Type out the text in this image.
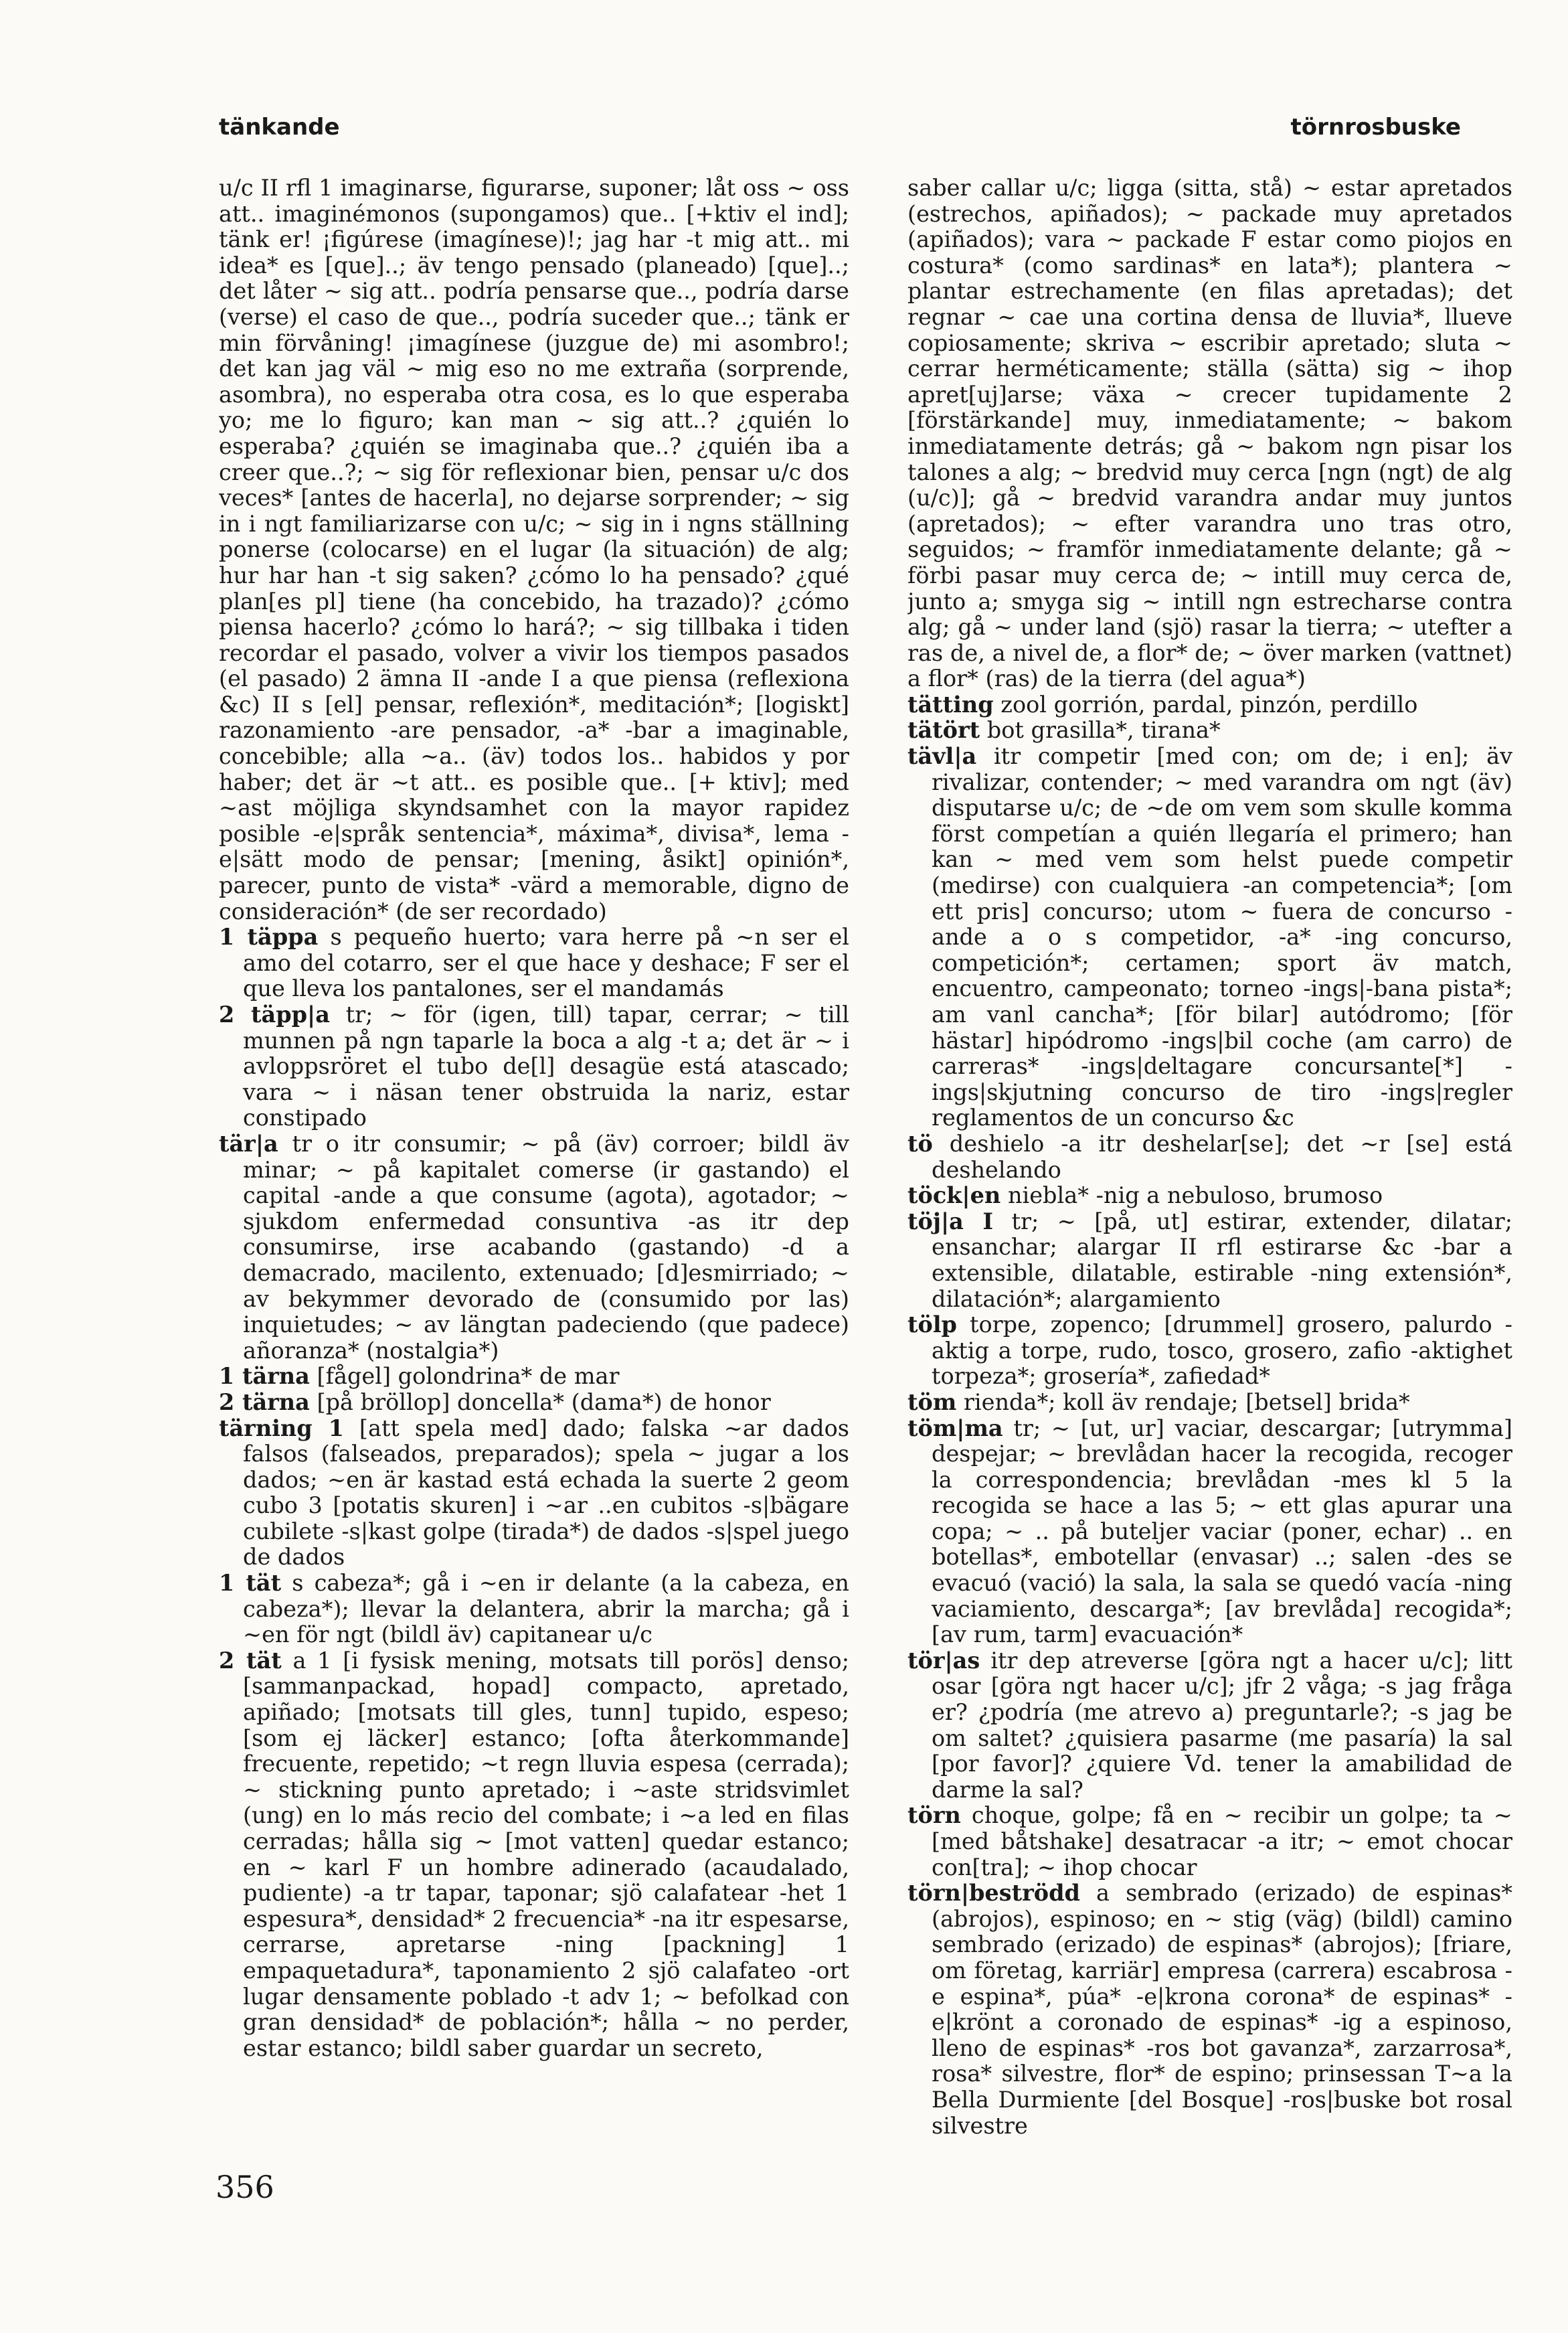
tänkande	törnrosbuske

u/c II rfl 1 imaginarse, figurarse, suponer; låt oss ~ oss att.. imaginémonos (supongamos) que.. [+ktiv el ind]; tänk er! ¡figúrese (imagínese)!; jag har -t mig att.. mi idea* es [que]..; äv tengo pensado (planeado) [que]..; det låter ~ sig att.. podría pensarse que.., podría darse (verse) el caso de que.., podría suceder que..; tänk er min förvåning! ¡imagínese (juzgue de) mi asombro!; det kan jag väl ~ mig eso no me extraña (sorprende, asombra), no esperaba otra cosa, es lo que esperaba yo; me lo figuro; kan man ~ sig att..? ¿quién lo esperaba? ¿quién se imaginaba que..? ¿quién iba a creer que..?; ~ sig för reflexionar bien, pensar u/c dos veces* [antes de hacerla], no dejarse sorprender; ~ sig in i ngt familiarizarse con u/c; ~ sig in i ngns ställning ponerse (colocarse) en el lugar (la situación) de alg; hur har han -t sig saken? ¿cómo lo ha pensado? ¿qué plan[es pl] tiene (ha concebido, ha trazado)? ¿cómo piensa hacerlo? ¿cómo lo hará?; ~ sig tillbaka i tiden recordar el pasado, volver a vivir los tiempos pasados (el pasado) 2 ämna II -ande I a que piensa (reflexiona &c) II s [el] pensar, reflexión*, meditación*; [logiskt] razonamiento -are pensador, -a* -bar a imaginable, concebible; alla ~a.. (äv) todos los.. habidos y por haber; det är ~t att.. es posible que.. [+ ktiv]; med ~ast möjliga skyndsamhet con la mayor rapidez posible -e|språk sentencia*, máxima*, divisa*, lema -e|sätt modo de pensar; [mening, åsikt] opinión*, parecer, punto de vista* -värd a memorable, digno de consideración* (de ser recordado)

1 täppa s pequeño huerto; vara herre på ~n ser el amo del cotarro, ser el que hace y deshace; F ser el que lleva los pantalones, ser el mandamás

2 täpp|a tr; ~ för (igen, till) tapar, cerrar; ~ till munnen på ngn taparle la boca a alg -t a; det är ~ i avloppsröret el tubo de[l] desagüe está atascado; vara ~ i näsan tener obstruida la nariz, estar constipado

tär|a tr o itr consumir; ~ på (äv) corroer; bildl äv minar; ~ på kapitalet comerse (ir gastando) el capital -ande a que consume (agota), agotador; ~ sjukdom enfermedad consuntiva -as itr dep consumirse, irse acabando (gastando) -d a demacrado, macilento, extenuado; [d]esmirriado; ~ av bekymmer devorado de (consumido por las) inquietudes; ~ av längtan padeciendo (que padece) añoranza* (nostalgia*)

1 tärna [fågel] golondrina* de mar

2 tärna [på bröllop] doncella* (dama*) de honor

tärning 1 [att spela med] dado; falska ~ar dados falsos (falseados, preparados); spela ~ jugar a los dados; ~en är kastad está echada la suerte 2 geom cubo 3 [potatis skuren] i ~ar ..en cubitos -s|bägare cubilete -s|kast golpe (tirada*) de dados -s|spel juego de dados

1 tät s cabeza*; gå i ~en ir delante (a la cabeza, en cabeza*); llevar la delantera, abrir la marcha; gå i ~en för ngt (bildl äv) capitanear u/c

2 tät a 1 [i fysisk mening, motsats till porös] denso; [sammanpackad, hopad] compacto, apretado, apiñado; [motsats till gles, tunn] tupido, espeso; [som ej läcker] estanco; [ofta återkommande] frecuente, repetido; ~t regn lluvia espesa (cerrada); ~ stickning punto apretado; i ~aste stridsvimlet (ung) en lo más recio del combate; i ~a led en filas cerradas; hålla sig ~ [mot vatten] quedar estanco; en ~ karl F un hombre adinerado (acaudalado, pudiente) -a tr tapar, taponar; sjö calafatear -het 1 espesura*, densidad* 2 frecuencia* -na itr espesarse, cerrarse, apretarse -ning [packning] 1 empaquetadura*, taponamiento 2 sjö calafateo -ort lugar densamente poblado -t adv 1; ~ befolkad con gran densidad* de población*; hålla ~ no perder, estar estanco; bildl saber guardar un secreto,

saber callar u/c; ligga (sitta, stå) ~ estar apretados (estrechos, apiñados); ~ packade muy apretados (apiñados); vara ~ packade F estar como piojos en costura* (como sardinas* en lata*); plantera ~ plantar estrechamente (en filas apretadas); det regnar ~ cae una cortina densa de lluvia*, llueve copiosamente; skriva ~ escribir apretado; sluta ~ cerrar herméticamente; ställa (sätta) sig ~ ihop apret[uj]arse; växa ~ crecer tupidamente 2 [förstärkande] muy, inmediatamente; ~ bakom inmediatamente detrás; gå ~ bakom ngn pisar los talones a alg; ~ bredvid muy cerca [ngn (ngt) de alg (u/c)]; gå ~ bredvid varandra andar muy juntos (apretados); ~ efter varandra uno tras otro, seguidos; ~ framför inmediatamente delante; gå ~ förbi pasar muy cerca de; ~ intill muy cerca de, junto a; smyga sig ~ intill ngn estrecharse contra alg; gå ~ under land (sjö) rasar la tierra; ~ utefter a ras de, a nivel de, a flor* de; ~ över marken (vattnet) a flor* (ras) de la tierra (del agua*)

tätting zool gorrión, pardal, pinzón, perdillo

tätört bot grasilla*, tirana*

tävl|a itr competir [med con; om de; i en]; äv rivalizar, contender; ~ med varandra om ngt (äv) disputarse u/c; de ~de om vem som skulle komma först competían a quién llegaría el primero; han kan ~ med vem som helst puede competir (medirse) con cualquiera -an competencia*; [om ett pris] concurso; utom ~ fuera de concurso -ande a o s competidor, -a* -ing concurso, competición*; certamen; sport äv match, encuentro, campeonato; torneo -ings|-bana pista*; am vanl cancha*; [för bilar] autódromo; [för hästar] hipódromo -ings|bil coche (am carro) de carreras* -ings|deltagare concursante[*] -ings|skjutning concurso de tiro -ings|regler reglamentos de un concurso &c

tö deshielo -a itr deshelar[se]; det ~r [se] está deshelando

töck|en niebla* -nig a nebuloso, brumoso

töj|a I tr; ~ [på, ut] estirar, extender, dilatar; ensanchar; alargar II rfl estirarse &c -bar a extensible, dilatable, estirable -ning extensión*, dilatación*; alargamiento

tölp torpe, zopenco; [drummel] grosero, palurdo -aktig a torpe, rudo, tosco, grosero, zafio -aktighet torpeza*; grosería*, zafiedad*

töm rienda*; koll äv rendaje; [betsel] brida*

töm|ma tr; ~ [ut, ur] vaciar, descargar; [utrymma] despejar; ~ brevlådan hacer la recogida, recoger la correspondencia; brevlådan -mes kl 5 la recogida se hace a las 5; ~ ett glas apurar una copa; ~ .. på buteljer vaciar (poner, echar) .. en botellas*, embotellar (envasar) ..; salen -des se evacuó (vació) la sala, la sala se quedó vacía -ning vaciamiento, descarga*; [av brevlåda] recogida*; [av rum, tarm] evacuación*

tör|as itr dep atreverse [göra ngt a hacer u/c]; litt osar [göra ngt hacer u/c]; jfr 2 våga; -s jag fråga er? ¿podría (me atrevo a) preguntarle?; -s jag be om saltet? ¿quisiera pasarme (me pasaría) la sal [por favor]? ¿quiere Vd. tener la amabilidad de darme la sal?

törn choque, golpe; få en ~ recibir un golpe; ta ~ [med båtshake] desatracar -a itr; ~ emot chocar con[tra]; ~ ihop chocar

törn|beströdd a sembrado (erizado) de espinas* (abrojos), espinoso; en ~ stig (väg) (bildl) camino sembrado (erizado) de espinas* (abrojos); [friare, om företag, karriär] empresa (carrera) escabrosa -e espina*, púa* -e|krona corona* de espinas* -e|krönt a coronado de espinas* -ig a espinoso, lleno de espinas* -ros bot gavanza*, zarzarrosa*, rosa* silvestre, flor* de espino; prinsessan T~a la Bella Durmiente [del Bosque] -ros|buske bot rosal silvestre

356
